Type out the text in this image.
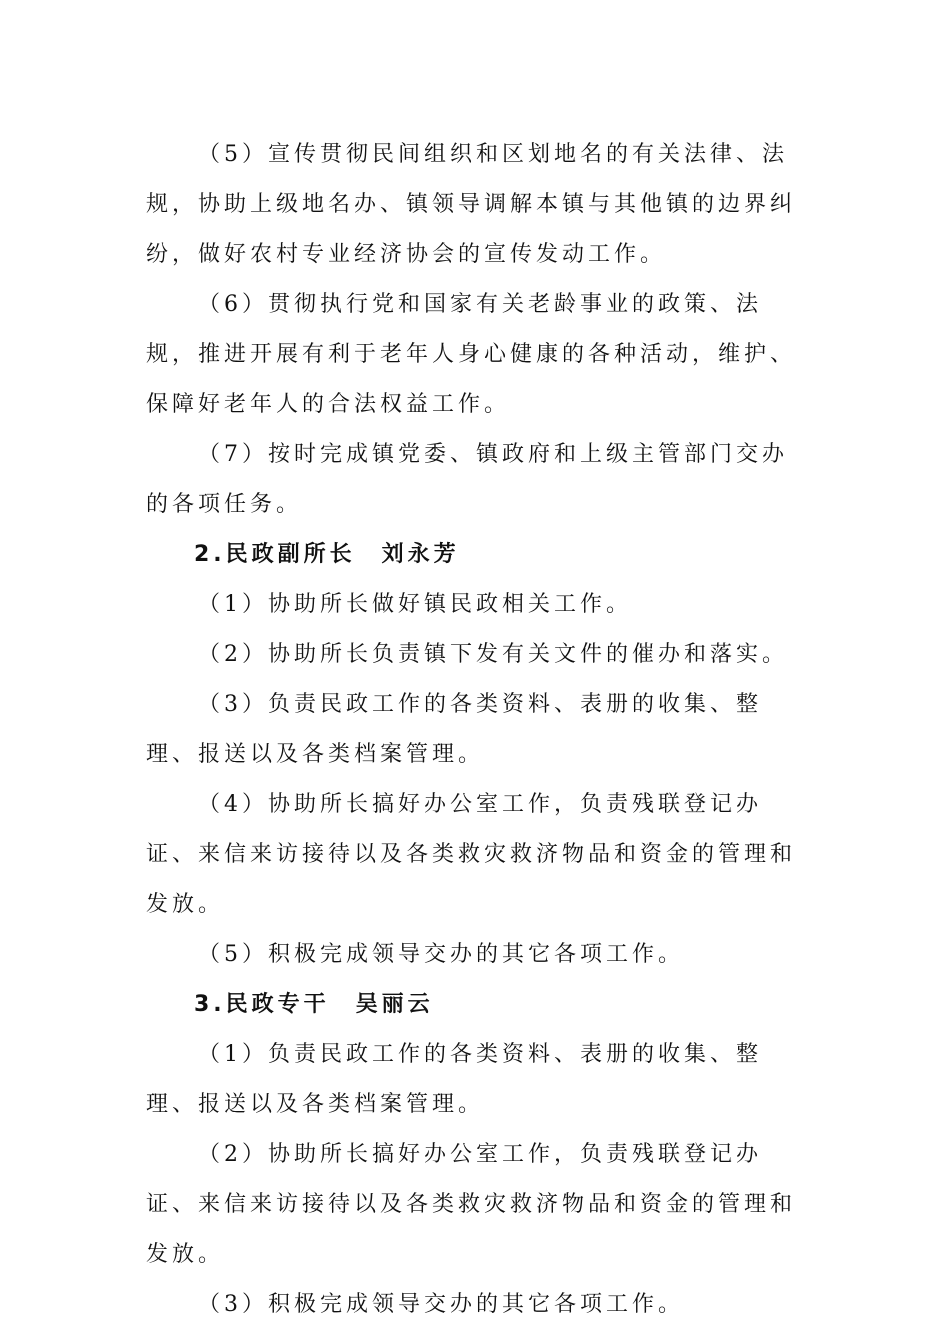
（5）宣传贯彻民间组织和区划地名的有关法律、法规，协助上级地名办、镇领导调解本镇与其他镇的边界纠纷，做好农村专业经济协会的宣传发动工作。

（6）贯彻执行党和国家有关老龄事业的政策、法规，推进开展有利于老年人身心健康的各种活动，维护、保障好老年人的合法权益工作。

（7）按时完成镇党委、镇政府和上级主管部门交办的各项任务。

2.民政副所长　刘永芳

（1）协助所长做好镇民政相关工作。

（2）协助所长负责镇下发有关文件的催办和落实。

（3）负责民政工作的各类资料、表册的收集、整理、报送以及各类档案管理。

（4）协助所长搞好办公室工作，负责残联登记办证、来信来访接待以及各类救灾救济物品和资金的管理和发放。

（5）积极完成领导交办的其它各项工作。

3.民政专干　吴丽云

（1）负责民政工作的各类资料、表册的收集、整理、报送以及各类档案管理。

（2）协助所长搞好办公室工作，负责残联登记办证、来信来访接待以及各类救灾救济物品和资金的管理和发放。

（3）积极完成领导交办的其它各项工作。
